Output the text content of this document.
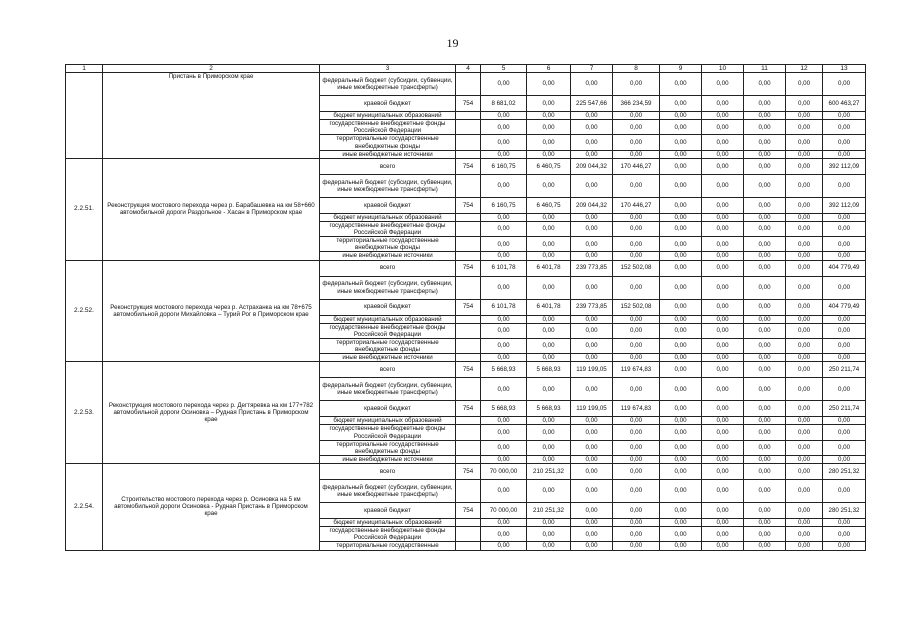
19
1	2	3	4	5	6	7	8	9	10	11	12	13
	Пристань в Приморском крае	федеральный бюджет (субсидии, субвенции, иные межбюджетные трансферты)		0,00	0,00	0,00	0,00	0,00	0,00	0,00	0,00	0,00
		краевой бюджет	754	8 681,02	0,00	225 547,66	366 234,59	0,00	0,00	0,00	0,00	600 463,27
		бюджет муниципальных образований		0,00	0,00	0,00	0,00	0,00	0,00	0,00	0,00	0,00
		государственные внебюджетные фонды Российской Федерации		0,00	0,00	0,00	0,00	0,00	0,00	0,00	0,00	0,00
		территориальные государственные внебюджетные фонды		0,00	0,00	0,00	0,00	0,00	0,00	0,00	0,00	0,00
		иные внебюджетные источники		0,00	0,00	0,00	0,00	0,00	0,00	0,00	0,00	0,00
2.2.51.	Реконструкция мостового перехода через р. Барабашевка на км 58+660 автомобильной дороги Раздольное - Хасан в Приморском крае	всего	754	6 160,75	6 460,75	209 044,32	170 446,27	0,00	0,00	0,00	0,00	392 112,09
		федеральный бюджет (субсидии, субвенции, иные межбюджетные трансферты)		0,00	0,00	0,00	0,00	0,00	0,00	0,00	0,00	0,00
		краевой бюджет	754	6 160,75	6 460,75	209 044,32	170 446,27	0,00	0,00	0,00	0,00	392 112,09
		бюджет муниципальных образований		0,00	0,00	0,00	0,00	0,00	0,00	0,00	0,00	0,00
		государственные внебюджетные фонды Российской Федерации		0,00	0,00	0,00	0,00	0,00	0,00	0,00	0,00	0,00
		территориальные государственные внебюджетные фонды		0,00	0,00	0,00	0,00	0,00	0,00	0,00	0,00	0,00
		иные внебюджетные источники		0,00	0,00	0,00	0,00	0,00	0,00	0,00	0,00	0,00
2.2.52.	Реконструкция мостового перехода через р. Астраханка на км 78+675 автомобильной дороги Михайловка – Турий Рог в Приморском крае	всего	754	6 101,78	6 401,78	239 773,85	152 502,08	0,00	0,00	0,00	0,00	404 779,49
		федеральный бюджет (субсидии, субвенции, иные межбюджетные трансферты)		0,00	0,00	0,00	0,00	0,00	0,00	0,00	0,00	0,00
		краевой бюджет	754	6 101,78	6 401,78	239 773,85	152 502,08	0,00	0,00	0,00	0,00	404 779,49
		бюджет муниципальных образований		0,00	0,00	0,00	0,00	0,00	0,00	0,00	0,00	0,00
		государственные внебюджетные фонды Российской Федерации		0,00	0,00	0,00	0,00	0,00	0,00	0,00	0,00	0,00
		территориальные государственные внебюджетные фонды		0,00	0,00	0,00	0,00	0,00	0,00	0,00	0,00	0,00
		иные внебюджетные источники		0,00	0,00	0,00	0,00	0,00	0,00	0,00	0,00	0,00
2.2.53.	Реконструкция мостового перехода через р. Дегтяревка на км 177+782 автомобильной дороги Осиновка – Рудная Пристань в Приморском крае	всего	754	5 668,93	5 668,93	119 199,05	119 674,83	0,00	0,00	0,00	0,00	250 211,74
		федеральный бюджет (субсидии, субвенции, иные межбюджетные трансферты)		0,00	0,00	0,00	0,00	0,00	0,00	0,00	0,00	0,00
		краевой бюджет	754	5 668,93	5 668,93	119 199,05	119 674,83	0,00	0,00	0,00	0,00	250 211,74
		бюджет муниципальных образований		0,00	0,00	0,00	0,00	0,00	0,00	0,00	0,00	0,00
		государственные внебюджетные фонды Российской Федерации		0,00	0,00	0,00	0,00	0,00	0,00	0,00	0,00	0,00
		территориальные государственные внебюджетные фонды		0,00	0,00	0,00	0,00	0,00	0,00	0,00	0,00	0,00
		иные внебюджетные источники		0,00	0,00	0,00	0,00	0,00	0,00	0,00	0,00	0,00
2.2.54.	Строительство мостового перехода через р. Осиновка на 5 км автомобильной дороги Осиновка - Рудная Пристань в Приморском крае	всего	754	70 000,00	210 251,32	0,00	0,00	0,00	0,00	0,00	0,00	280 251,32
		федеральный бюджет (субсидии, субвенции, иные межбюджетные трансферты)		0,00	0,00	0,00	0,00	0,00	0,00	0,00	0,00	0,00
		краевой бюджет	754	70 000,00	210 251,32	0,00	0,00	0,00	0,00	0,00	0,00	280 251,32
		бюджет муниципальных образований		0,00	0,00	0,00	0,00	0,00	0,00	0,00	0,00	0,00
		государственные внебюджетные фонды Российской Федерации		0,00	0,00	0,00	0,00	0,00	0,00	0,00	0,00	0,00
		территориальные государственные		0,00	0,00	0,00	0,00	0,00	0,00	0,00	0,00	0,00
